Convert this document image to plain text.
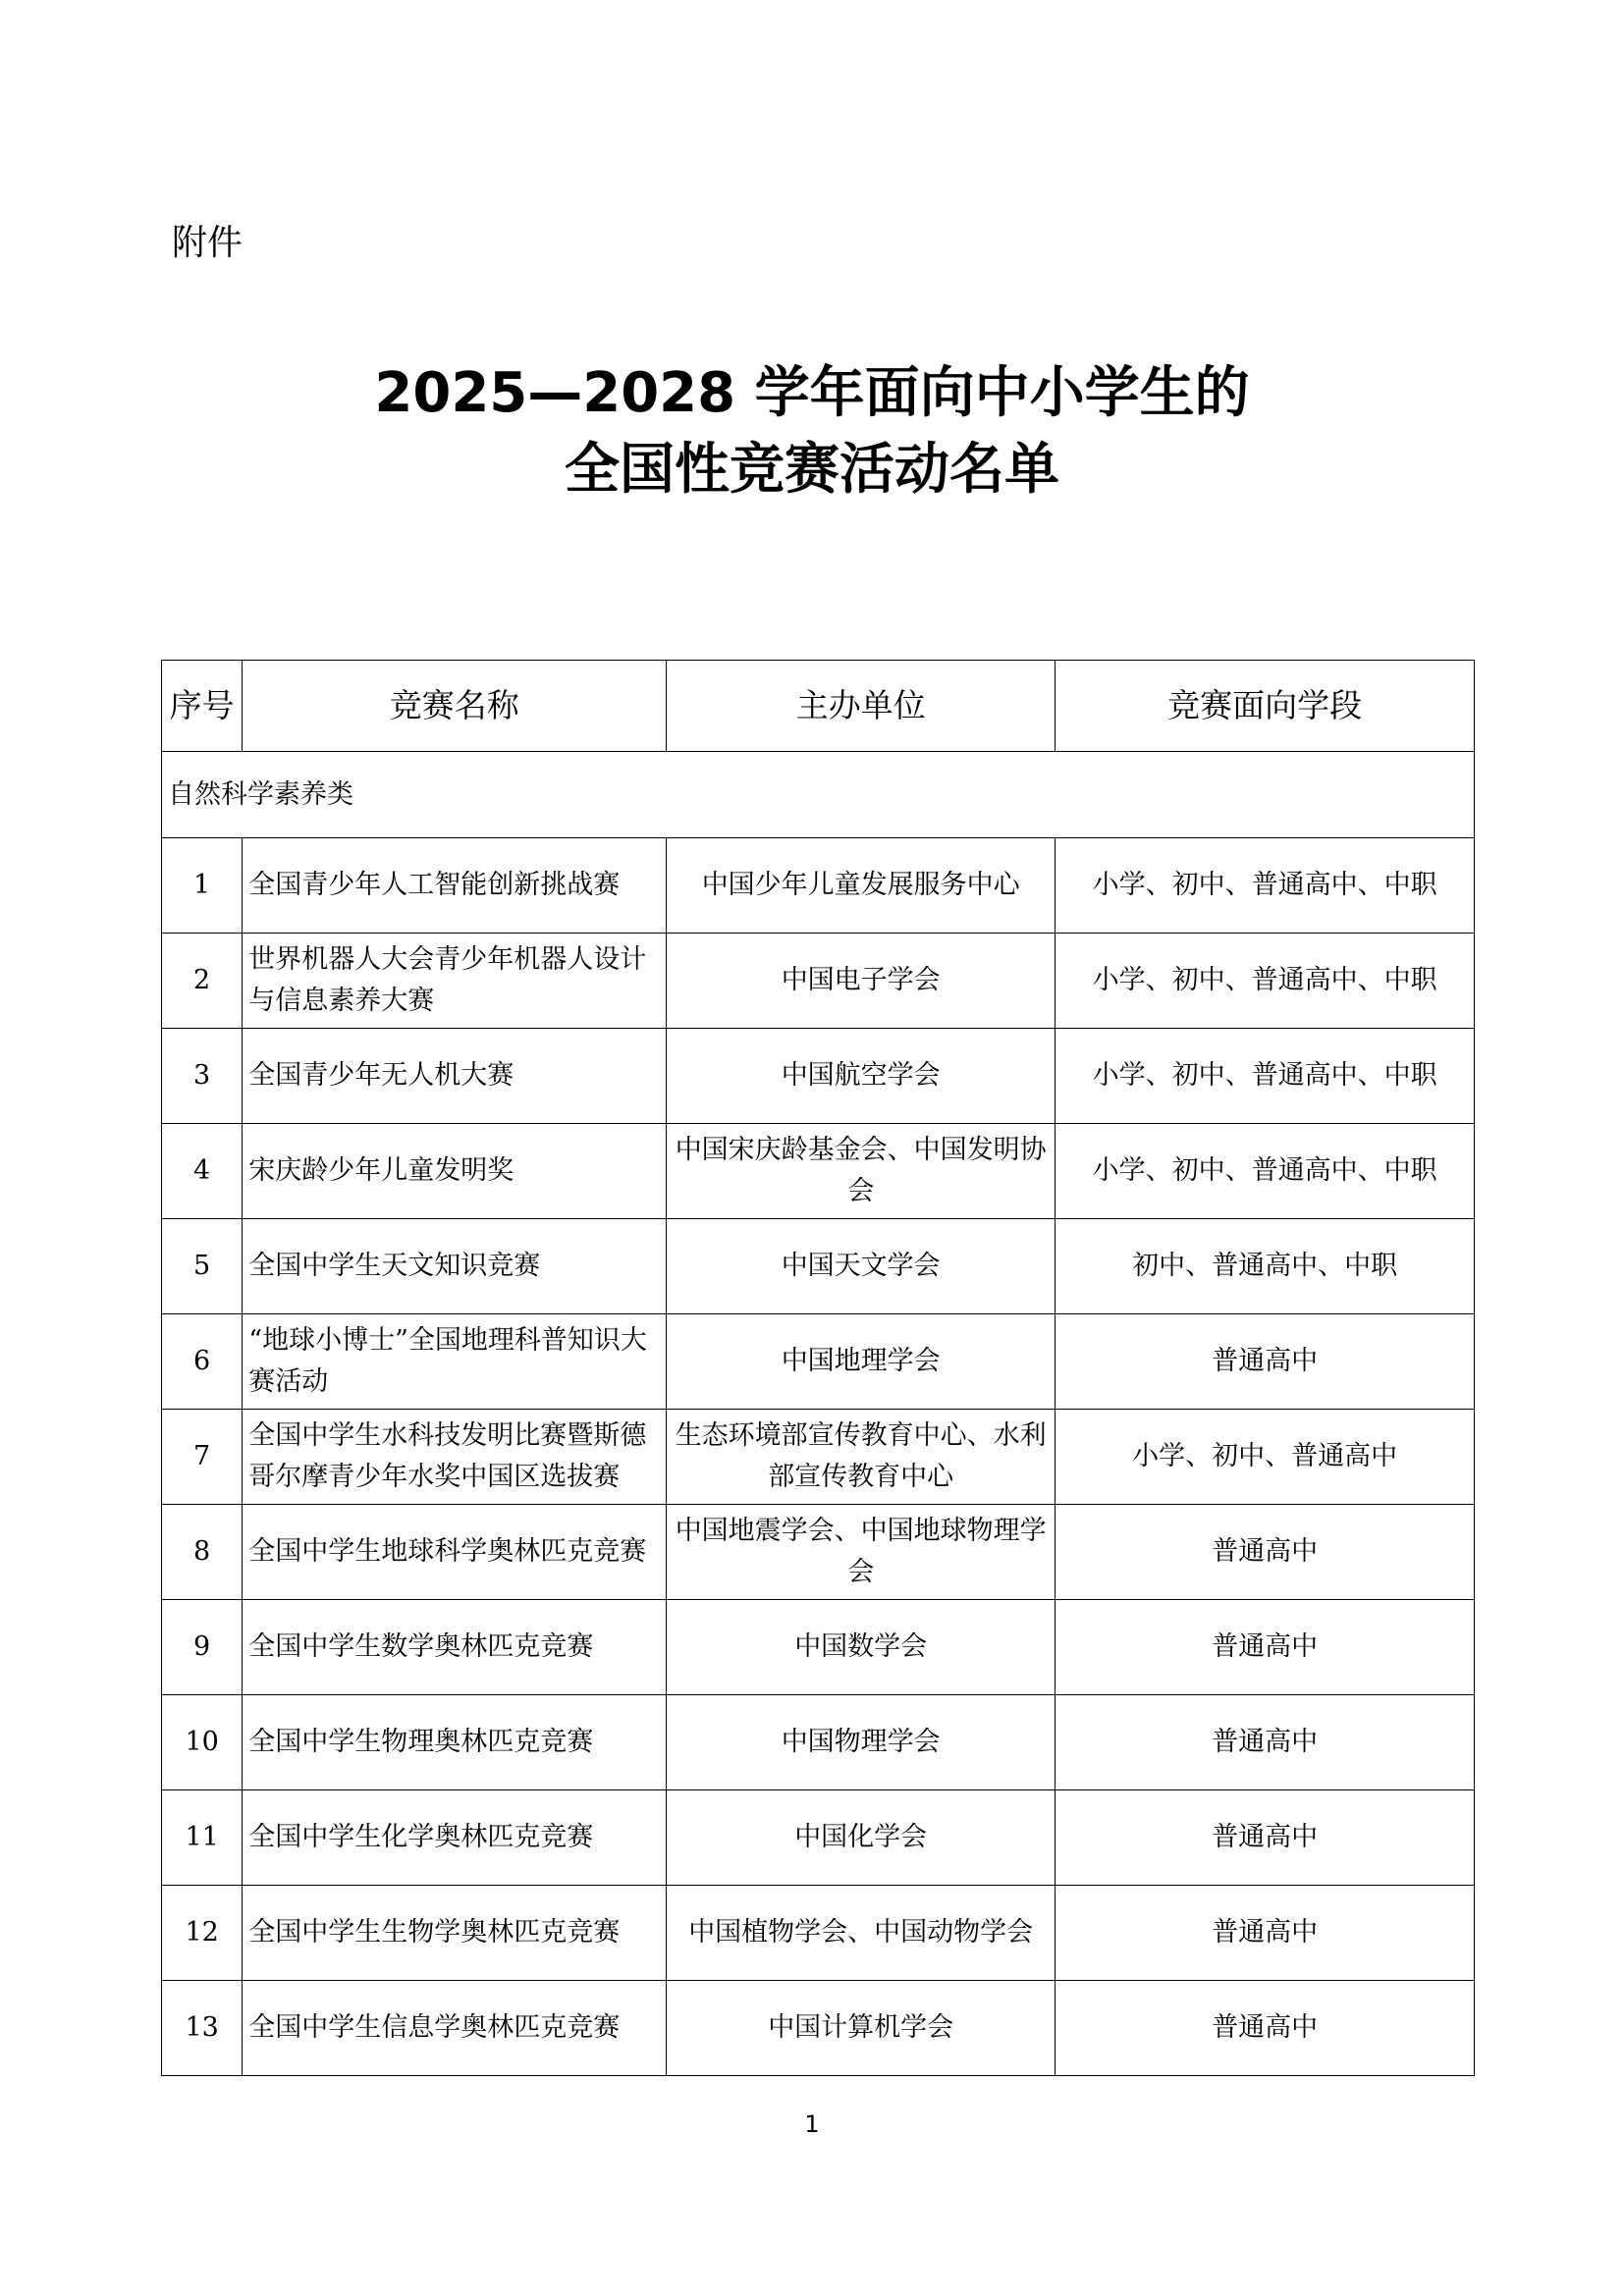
附件
2025—2028 学年面向中小学生的
全国性竞赛活动名单
序号	竞赛名称	主办单位	竞赛面向学段
自然科学素养类			
1	全国青少年人工智能创新挑战赛	中国少年儿童发展服务中心	小学、初中、普通高中、中职
2	世界机器人大会青少年机器人设计与信息素养大赛	中国电子学会	小学、初中、普通高中、中职
3	全国青少年无人机大赛	中国航空学会	小学、初中、普通高中、中职
4	宋庆龄少年儿童发明奖	中国宋庆龄基金会、中国发明协会	小学、初中、普通高中、中职
5	全国中学生天文知识竞赛	中国天文学会	初中、普通高中、中职
6	“地球小博士”全国地理科普知识大赛活动	中国地理学会	普通高中
7	全国中学生水科技发明比赛暨斯德哥尔摩青少年水奖中国区选拔赛	生态环境部宣传教育中心、水利部宣传教育中心	小学、初中、普通高中
8	全国中学生地球科学奥林匹克竞赛	中国地震学会、中国地球物理学会	普通高中
9	全国中学生数学奥林匹克竞赛	中国数学会	普通高中
10	全国中学生物理奥林匹克竞赛	中国物理学会	普通高中
11	全国中学生化学奥林匹克竞赛	中国化学会	普通高中
12	全国中学生生物学奥林匹克竞赛	中国植物学会、中国动物学会	普通高中
13	全国中学生信息学奥林匹克竞赛	中国计算机学会	普通高中
1
